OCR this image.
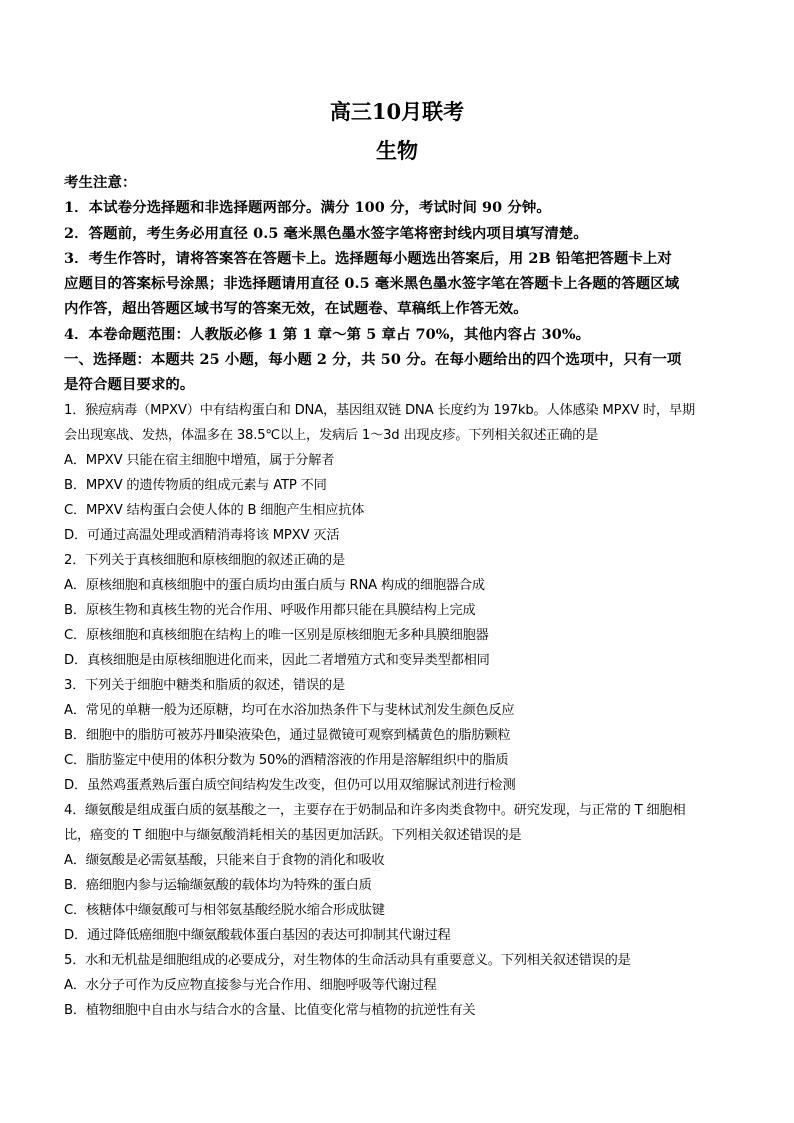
高三10月联考
生物
考生注意：
1．本试卷分选择题和非选择题两部分。满分 100 分，考试时间 90 分钟。
2．答题前，考生务必用直径 0.5 毫米黑色墨水签字笔将密封线内项目填写清楚。
3．考生作答时，请将答案答在答题卡上。选择题每小题选出答案后，用 2B 铅笔把答题卡上对
应题目的答案标号涂黑；非选择题请用直径 0.5 毫米黑色墨水签字笔在答题卡上各题的答题区域
内作答，超出答题区域书写的答案无效，在试题卷、草稿纸上作答无效。
4．本卷命题范围：人教版必修 1 第 1 章～第 5 章占 70%，其他内容占 30%。
一、选择题：本题共 25 小题，每小题 2 分，共 50 分。在每小题给出的四个选项中，只有一项
是符合题目要求的。
1．猴痘病毒（MPXV）中有结构蛋白和 DNA，基因组双链 DNA 长度约为 197kb。人体感染 MPXV 时，早期
会出现寒战、发热，体温多在 38.5℃以上，发病后 1～3d 出现皮疹。下列相关叙述正确的是
A．MPXV 只能在宿主细胞中增殖，属于分解者
B．MPXV 的遗传物质的组成元素与 ATP 不同
C．MPXV 结构蛋白会使人体的 B 细胞产生相应抗体
D．可通过高温处理或酒精消毒将该 MPXV 灭活
2．下列关于真核细胞和原核细胞的叙述正确的是
A．原核细胞和真核细胞中的蛋白质均由蛋白质与 RNA 构成的细胞器合成
B．原核生物和真核生物的光合作用、呼吸作用都只能在具膜结构上完成
C．原核细胞和真核细胞在结构上的唯一区别是原核细胞无多种具膜细胞器
D．真核细胞是由原核细胞进化而来，因此二者增殖方式和变异类型都相同
3．下列关于细胞中糖类和脂质的叙述，错误的是
A．常见的单糖一般为还原糖，均可在水浴加热条件下与斐林试剂发生颜色反应
B．细胞中的脂肪可被苏丹Ⅲ染液染色，通过显微镜可观察到橘黄色的脂肪颗粒
C．脂肪鉴定中使用的体积分数为 50%的酒精溶液的作用是溶解组织中的脂质
D．虽然鸡蛋煮熟后蛋白质空间结构发生改变，但仍可以用双缩脲试剂进行检测
4．缬氨酸是组成蛋白质的氨基酸之一，主要存在于奶制品和许多肉类食物中。研究发现，与正常的 T 细胞相
比，癌变的 T 细胞中与缬氨酸消耗相关的基因更加活跃。下列相关叙述错误的是
A．缬氨酸是必需氨基酸，只能来自于食物的消化和吸收
B．癌细胞内参与运输缬氨酸的载体均为特殊的蛋白质
C．核糖体中缬氨酸可与相邻氨基酸经脱水缩合形成肽键
D．通过降低癌细胞中缬氨酸载体蛋白基因的表达可抑制其代谢过程
5．水和无机盐是细胞组成的必要成分，对生物体的生命活动具有重要意义。下列相关叙述错误的是
A．水分子可作为反应物直接参与光合作用、细胞呼吸等代谢过程
B．植物细胞中自由水与结合水的含量、比值变化常与植物的抗逆性有关
